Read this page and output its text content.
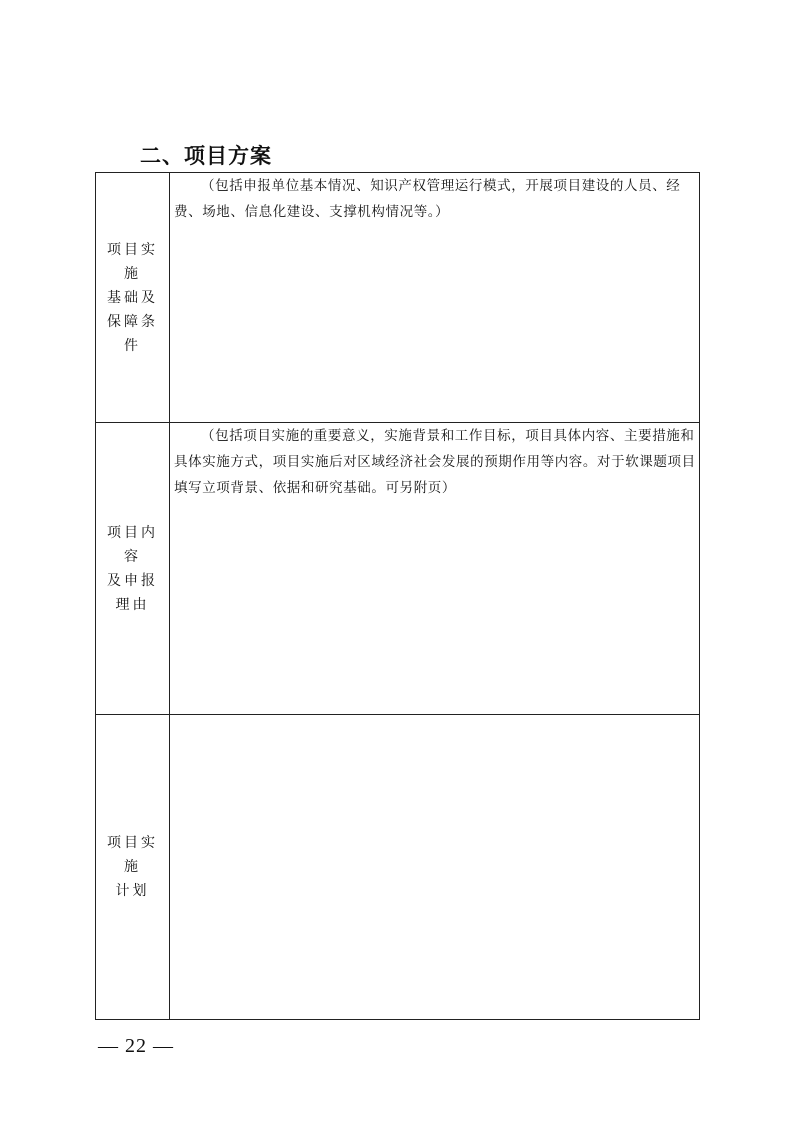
二、项目方案
项目实施
基础及
保障条件	（包括申报单位基本情况、知识产权管理运行模式，开展项目建设的人员、经费、场地、信息化建设、支撑机构情况等。）

项目内容
及申报
理由	（包括项目实施的重要意义，实施背景和工作目标，项目具体内容、主要措施和具体实施方式，项目实施后对区域经济社会发展的预期作用等内容。对于软课题项目填写立项背景、依据和研究基础。可另附页）

项目实施
计划	

— 22 —
